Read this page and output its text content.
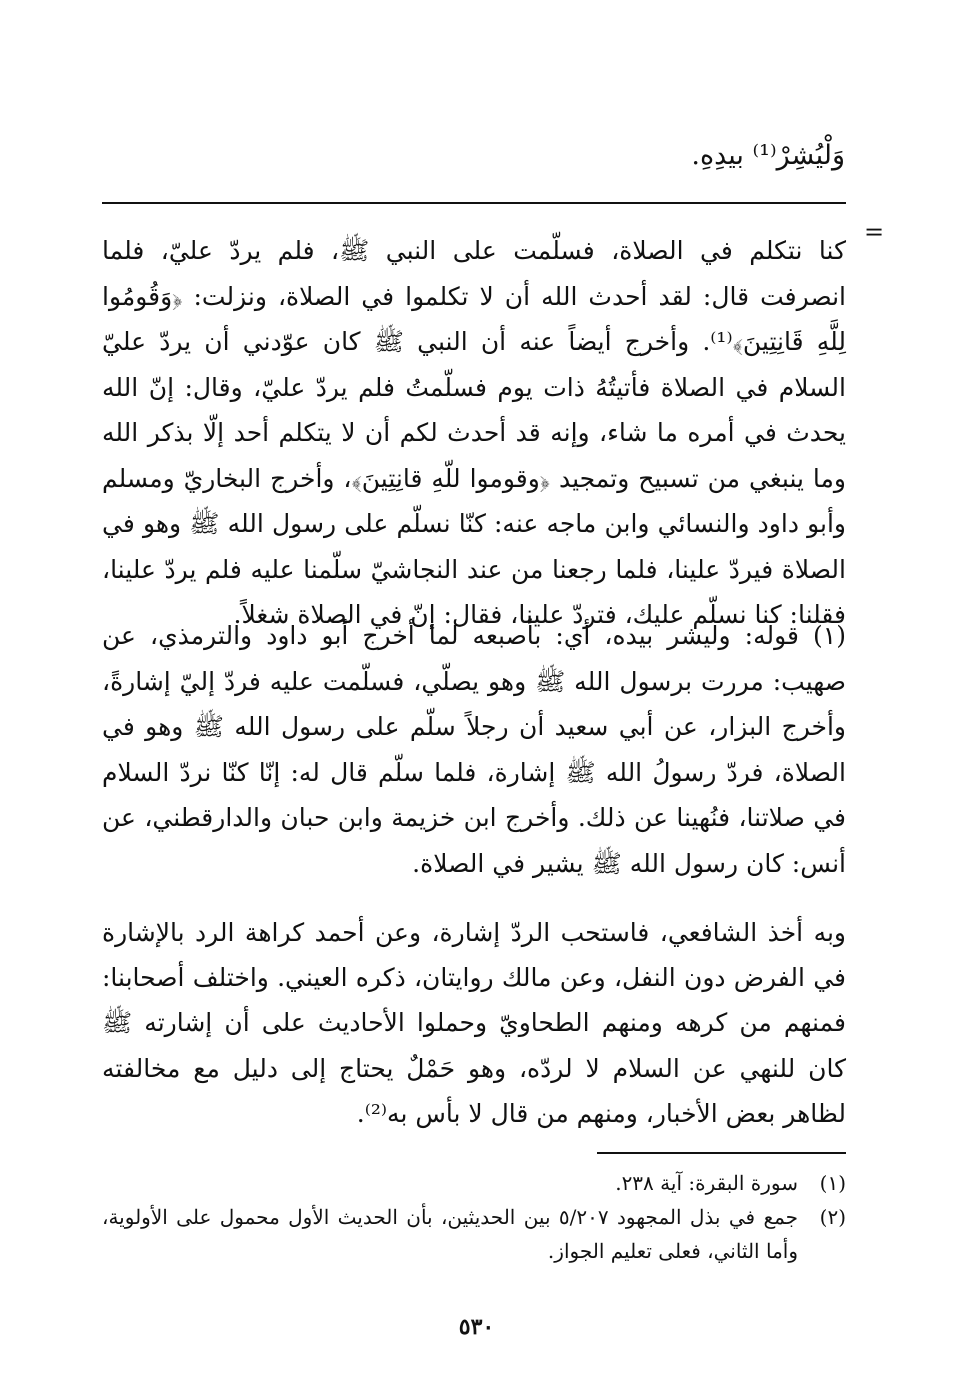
وَلْيُشِرْ⁽¹⁾ بيدِهِ.
=

كنا نتكلم في الصلاة، فسلّمت على النبي ﷺ، فلم يردّ عليّ، فلما انصرفت قال: لقد أحدث الله أن لا تكلموا في الصلاة، ونزلت: ﴿وَقُومُوا لِلَّهِ قَانِتِينَ﴾⁽¹⁾. وأخرج أيضاً عنه أن النبي ﷺ كان عوّدني أن يردّ عليّ السلام في الصلاة فأتيتُهُ ذات يوم فسلّمتُ فلم يردّ عليّ، وقال: إنّ الله يحدث في أمره ما شاء، وإنه قد أحدث لكم أن لا يتكلم أحد إلّا بذكر الله وما ينبغي من تسبيح وتمجيد ﴿وقوموا للّهِ قانِتِينَ﴾، وأخرج البخاريّ ومسلم وأبو داود والنسائي وابن ماجه عنه: كنّا نسلّم على رسول الله ﷺ وهو في الصلاة فيردّ علينا، فلما رجعنا من عند النجاشيّ سلّمنا عليه فلم يردّ علينا، فقلنا: كنا نسلّم عليك، فتردّ علينا، فقال: إنّ في الصلاة شغلاً.

(١) قوله: وليشر بيده، أي: بأصبعه لما أخرج أبو داود والترمذي، عن صهيب: مررت برسول الله ﷺ وهو يصلّي، فسلّمت عليه فردّ إليّ إشارةً، وأخرج البزار، عن أبي سعيد أن رجلاً سلّم على رسول الله ﷺ وهو في الصلاة، فردّ رسولُ الله ﷺ إشارة، فلما سلّم قال له: إنّا كنّا نردّ السلام في صلاتنا، فنُهينا عن ذلك. وأخرج ابن خزيمة وابن حبان والدارقطني، عن أنس: كان رسول الله ﷺ يشير في الصلاة.

وبه أخذ الشافعي، فاستحب الردّ إشارة، وعن أحمد كراهة الرد بالإشارة في الفرض دون النفل، وعن مالك روايتان، ذكره العيني. واختلف أصحابنا: فمنهم من كرهه ومنهم الطحاويّ وحملوا الأحاديث على أن إشارته ﷺ كان للنهي عن السلام لا لردّه، وهو حَمْلٌ يحتاج إلى دليل مع مخالفته لظاهر بعض الأخبار، ومنهم من قال لا بأس به⁽²⁾.

(١)
سورة البقرة: آية ٢٣٨.
(٢)
جمع في بذل المجهود ٥/٢٠٧ بين الحديثين، بأن الحديث الأول محمول على الأولوية، وأما الثاني، فعلى تعليم الجواز.
٥٣٠
